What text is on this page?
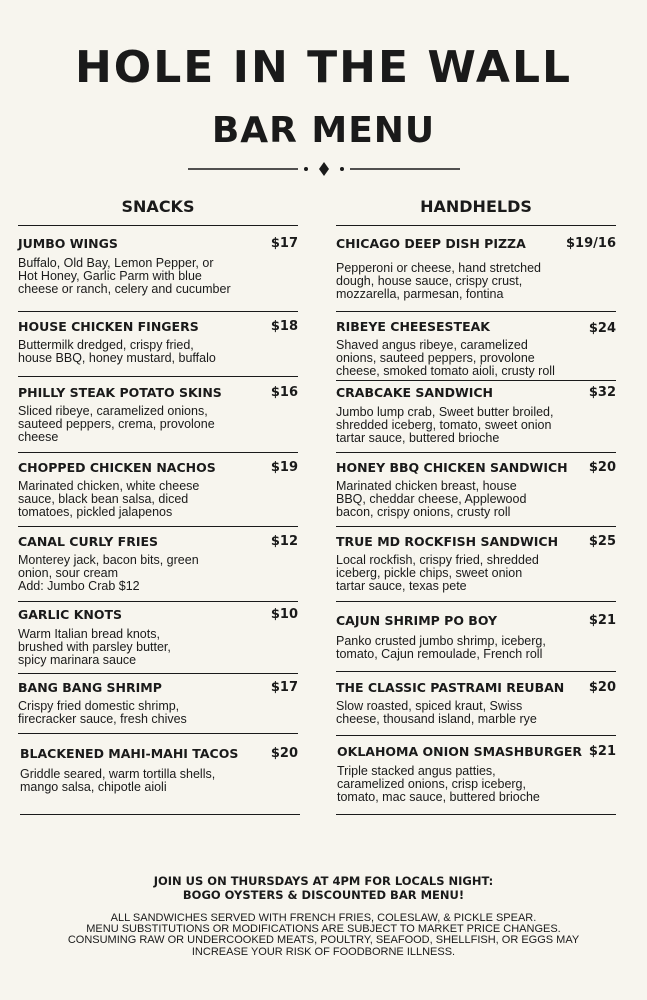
HOLE IN THE WALL
BAR MENU
SNACKS	HANDHELDS
JUMBO WINGS	$17
Buffalo, Old Bay, Lemon Pepper, or
Hot Honey, Garlic Parm with blue
cheese or ranch, celery and cucumber
HOUSE CHICKEN FINGERS	$18
Buttermilk dredged, crispy fried,
house BBQ, honey mustard, buffalo
PHILLY STEAK POTATO SKINS	$16
Sliced ribeye, caramelized onions,
sauteed peppers, crema, provolone
cheese
CHOPPED CHICKEN NACHOS	$19
Marinated chicken, white cheese
sauce, black bean salsa, diced
tomatoes, pickled jalapenos
CANAL CURLY FRIES	$12
Monterey jack, bacon bits, green
onion, sour cream
Add: Jumbo Crab $12
GARLIC KNOTS	$10
Warm Italian bread knots,
brushed with parsley butter,
spicy marinara sauce
BANG BANG SHRIMP	$17
Crispy fried domestic shrimp,
firecracker sauce, fresh chives
BLACKENED MAHI-MAHI TACOS	$20
Griddle seared, warm tortilla shells,
mango salsa, chipotle aioli
CHICAGO DEEP DISH PIZZA	$19/16
Pepperoni or cheese, hand stretched
dough, house sauce, crispy crust,
mozzarella, parmesan, fontina
RIBEYE CHEESESTEAK	$24
Shaved angus ribeye, caramelized
onions, sauteed peppers, provolone
cheese, smoked tomato aioli, crusty roll
CRABCAKE SANDWICH	$32
Jumbo lump crab, Sweet butter broiled,
shredded iceberg, tomato, sweet onion
tartar sauce, buttered brioche
HONEY BBQ CHICKEN SANDWICH	$20
Marinated chicken breast, house
BBQ, cheddar cheese, Applewood
bacon, crispy onions, crusty roll
TRUE MD ROCKFISH SANDWICH	$25
Local rockfish, crispy fried, shredded
iceberg, pickle chips, sweet onion
tartar sauce, texas pete
CAJUN SHRIMP PO BOY	$21
Panko crusted jumbo shrimp, iceberg,
tomato, Cajun remoulade, French roll
THE CLASSIC PASTRAMI REUBAN	$20
Slow roasted, spiced kraut, Swiss
cheese, thousand island, marble rye
OKLAHOMA ONION SMASHBURGER $21
Triple stacked angus patties,
caramelized onions, crisp iceberg,
tomato, mac sauce, buttered brioche
JOIN US ON THURSDAYS AT 4PM FOR LOCALS NIGHT:
BOGO OYSTERS & DISCOUNTED BAR MENU!
ALL SANDWICHES SERVED WITH FRENCH FRIES, COLESLAW, & PICKLE SPEAR.
MENU SUBSTITUTIONS OR MODIFICATIONS ARE SUBJECT TO MARKET PRICE CHANGES.
CONSUMING RAW OR UNDERCOOKED MEATS, POULTRY, SEAFOOD, SHELLFISH, OR EGGS MAY
INCREASE YOUR RISK OF FOODBORNE ILLNESS.
